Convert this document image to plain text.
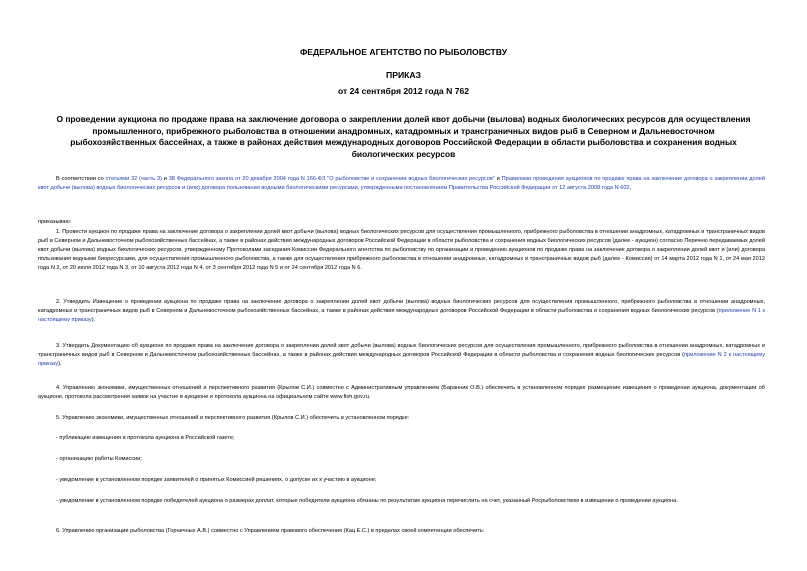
ФЕДЕРАЛЬНОЕ АГЕНТСТВО ПО РЫБОЛОВСТВУ
ПРИКАЗ
от 24 сентября 2012 года N 762
О проведении аукциона по продаже права на заключение договора о закреплении долей квот добычи (вылова) водных биологических ресурсов для осуществления промышленного, прибрежного рыболовства в отношении анадромных, катадромных и трансграничных видов рыб в Северном и Дальневосточном рыбохозяйственных бассейнах, а также в районах действия международных договоров Российской Федерации в области рыболовства и сохранения водных биологических ресурсов

В соответствии со статьями 32 (часть 3) и 38 Федерального закона от 20 декабря 2004 года N 166-ФЗ "О рыболовстве и сохранении водных биологических ресурсов" и Правилами проведения аукционов по продаже права на заключение договора о закреплении долей квот добычи (вылова) водных биологических ресурсов и (или) договора пользования водными биологическими ресурсами, утвержденными постановлением Правительства Российской Федерации от 12 августа 2008 года N 602,

приказываю:

1. Провести аукцион по продаже права на заключение договора о закреплении долей квот добычи (вылова) водных биологических ресурсов для осуществления промышленного, прибрежного рыболовства в отношении анадромных, катадромных и трансграничных видов рыб в Северном и Дальневосточном рыбохозяйственных бассейнах, а также в районах действия международных договоров Российской Федерации в области рыболовства и сохранения водных биологических ресурсов (далее - аукцион) согласно Перечню передаваемых долей квот добычи (вылова) водных биологических ресурсов, утвержденному Протоколами заседания Комиссии Федерального агентства по рыболовству по организации и проведению аукционов по продаже права на заключение договора о закреплении долей квот и (или) договора пользования водными биоресурсами, для осуществления промышленного рыболовства, а также для осуществления прибрежного рыболовства в отношении анадромных, катадромных и трансграничных видов рыб (далее - Комиссия) от 14 марта 2012 года N 1, от 24 мая 2012 года N 2, от 20 июля 2012 года N 3, от 10 августа 2012 года N 4, от 3 сентября 2012 года N 5 и от 24 сентября 2012 года N 6.

2. Утвердить Извещение о проведении аукциона по продаже права на заключение договора о закреплении долей квот добычи (вылова) водных биологических ресурсов для осуществления промышленного, прибрежного рыболовства в отношении анадромных, катадромных и трансграничных видов рыб в Северном и Дальневосточном рыбохозяйственных бассейнах, а также в районах действия международных договоров Российской Федерации в области рыболовства и сохранения водных биологических ресурсов (приложение N 1 к настоящему приказу).

3. Утвердить Документацию об аукционе по продаже права на заключение договора о закреплении долей квот добычи (вылова) водных биологических ресурсов для осуществления промышленного, прибрежного рыболовства в отношении анадромных, катадромных и трансграничных видов рыб в Северном и Дальневосточном рыбохозяйственных бассейнах, а также в районах действия международных договоров Российской Федерации в области рыболовства и сохранения водных биологических ресурсов (приложение N 2 к настоящему приказу).

4. Управлению экономики, имущественных отношений и перспективного развития (Крылов С.И.) совместно с Административным управлением (Баранник О.В.) обеспечить в установленном порядке размещение извещения о проведении аукциона, документации об аукционе, протокола рассмотрения заявок на участие в аукционе и протокола аукциона на официальном сайте www.fish.gov.ru.

5. Управлению экономики, имущественных отношений и перспективного развития (Крылов С.И.) обеспечить в установленном порядке:

- публикацию извещения и протокола аукциона в Российской газете;

- организацию работы Комиссии;

- уведомление в установленном порядке заявителей о принятых Комиссией решениях, о допуске их к участию в аукционе;

- уведомление в установленном порядке победителей аукциона о размерах доплат, которые победители аукциона обязаны по результатам аукциона перечислить на счет, указанный Росрыболовством в извещении о проведении аукциона.

6. Управлению организации рыболовства (Горничных А.В.) совместно с Управлением правового обеспечения (Кац Е.С.) в пределах своей компетенции обеспечить:
